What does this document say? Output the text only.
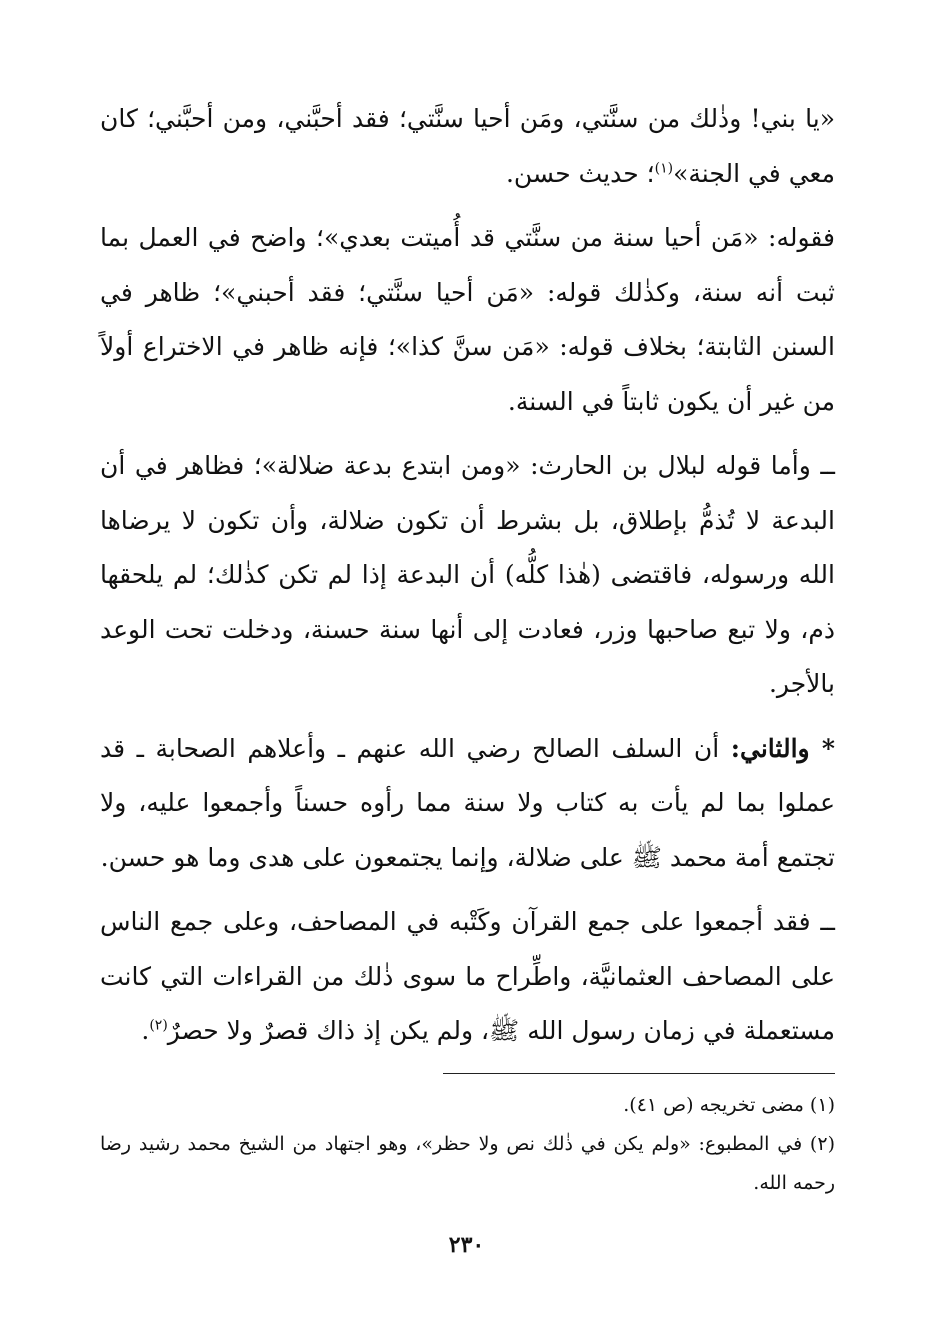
«يا بني! وذٰلك من سنَّتي، ومَن أحيا سنَّتي؛ فقد أحبَّني، ومن أحبَّني؛ كان معي في الجنة»$^{(١)}$؛ حديث حسن.

فقوله: «مَن أحيا سنة من سنَّتي قد أُميتت بعدي»؛ واضح في العمل بما ثبت أنه سنة، وكذٰلك قوله: «مَن أحيا سنَّتي؛ فقد أحبني»؛ ظاهر في السنن الثابتة؛ بخلاف قوله: «مَن سنَّ كذا»؛ فإنه ظاهر في الاختراع أولاً من غير أن يكون ثابتاً في السنة.

ــ وأما قوله لبلال بن الحارث: «ومن ابتدع بدعة ضلالة»؛ فظاهر في أن البدعة لا تُذمُّ بإطلاق، بل بشرط أن تكون ضلالة، وأن تكون لا يرضاها الله ورسوله، فاقتضى (هٰذا كلُّه) أن البدعة إذا لم تكن كذٰلك؛ لم يلحقها ذم، ولا تبع صاحبها وزر، فعادت إلى أنها سنة حسنة، ودخلت تحت الوعد بالأجر.

* والثاني: أن السلف الصالح رضي الله عنهم ـ وأعلاهم الصحابة ـ قد عملوا بما لم يأت به كتاب ولا سنة مما رأوه حسناً وأجمعوا عليه، ولا تجتمع أمة محمد ﷺ على ضلالة، وإنما يجتمعون على هدى وما هو حسن.

ــ فقد أجمعوا على جمع القرآن وكَتْبه في المصاحف، وعلى جمع الناس على المصاحف العثمانيَّة، واطِّراح ما سوى ذٰلك من القراءات التي كانت مستعملة في زمان رسول الله ﷺ، ولم يكن إذ ذاك قصرٌ ولا حصرٌ$^{(٢)}$.

(١) مضى تخريجه (ص ٤١).

(٢) في المطبوع: «ولم يكن في ذٰلك نص ولا حظر»، وهو اجتهاد من الشيخ محمد رشيد رضا رحمه الله.

٢٣٠
